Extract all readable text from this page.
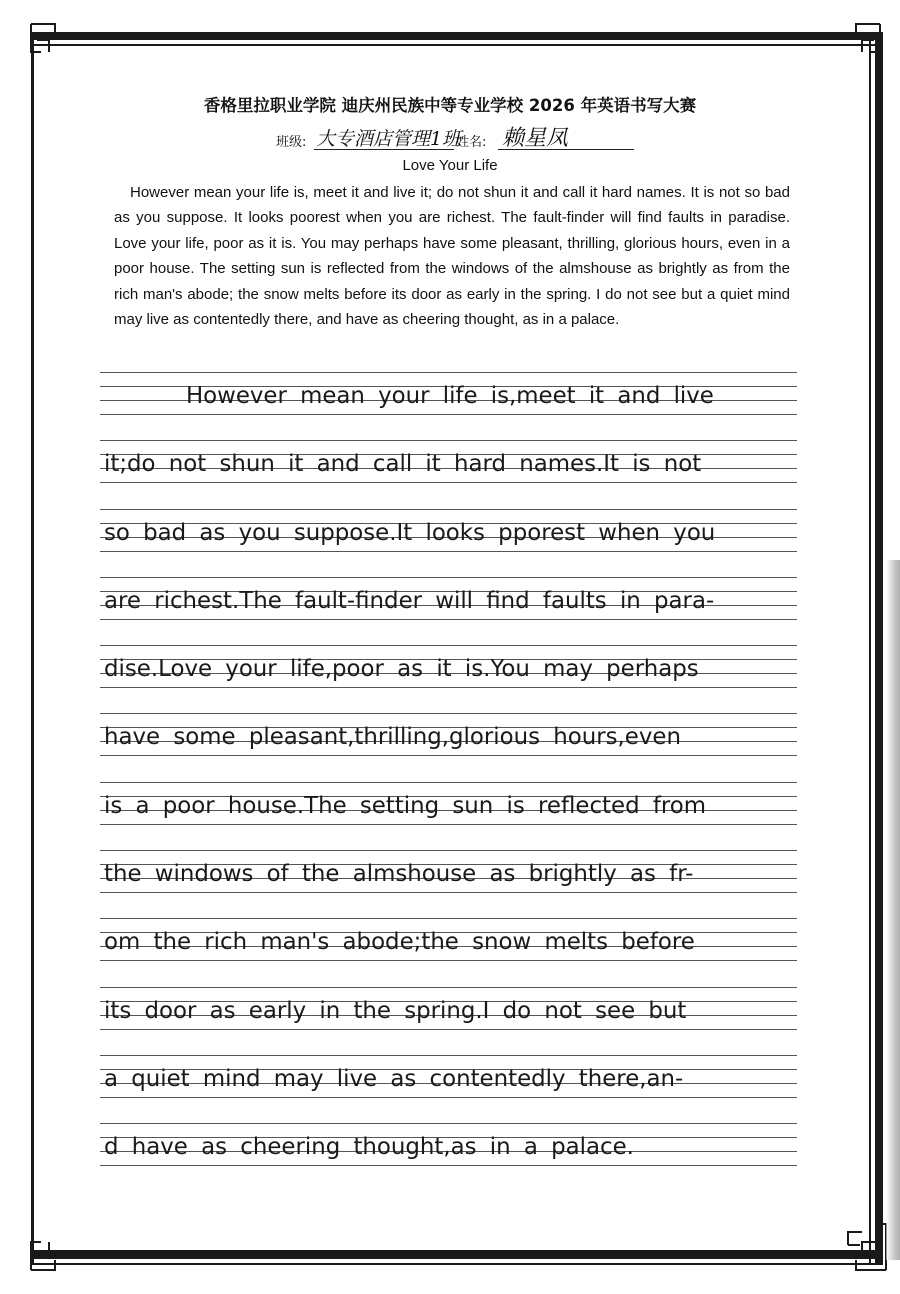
香格里拉职业学院 迪庆州民族中等专业学校 2026 年英语书写大赛
班级: 大专酒店管理1班
姓名: 赖星凤
Love Your Life

However mean your life is, meet it and live it; do not shun it and call it hard names. It is not so bad as you suppose. It looks poorest when you are richest. The fault-finder will find faults in paradise. Love your life, poor as it is. You may perhaps have some pleasant, thrilling, glorious hours, even in a poor house. The setting sun is reflected from the windows of the almshouse as brightly as from the rich man's abode; the snow melts before its door as early in the spring. I do not see but a quiet mind may live as contentedly there, and have as cheering thought, as in a palace.

However mean your life is,meet it and live
it;do not shun it and call it hard names.It is not
so bad as you suppose.It looks pporest when you
are richest.The fault-finder will find faults in para-
dise.Love your life,poor as it is.You may perhaps
have some pleasant,thrilling,glorious hours,even
is a poor house.The setting sun is reflected from
the windows of the almshouse as brightly as fr-
om the rich man's abode;the snow melts before
its door as early in the spring.I do not see but
a quiet mind may live as contentedly there,an-
d have as cheering thought,as in a palace.
